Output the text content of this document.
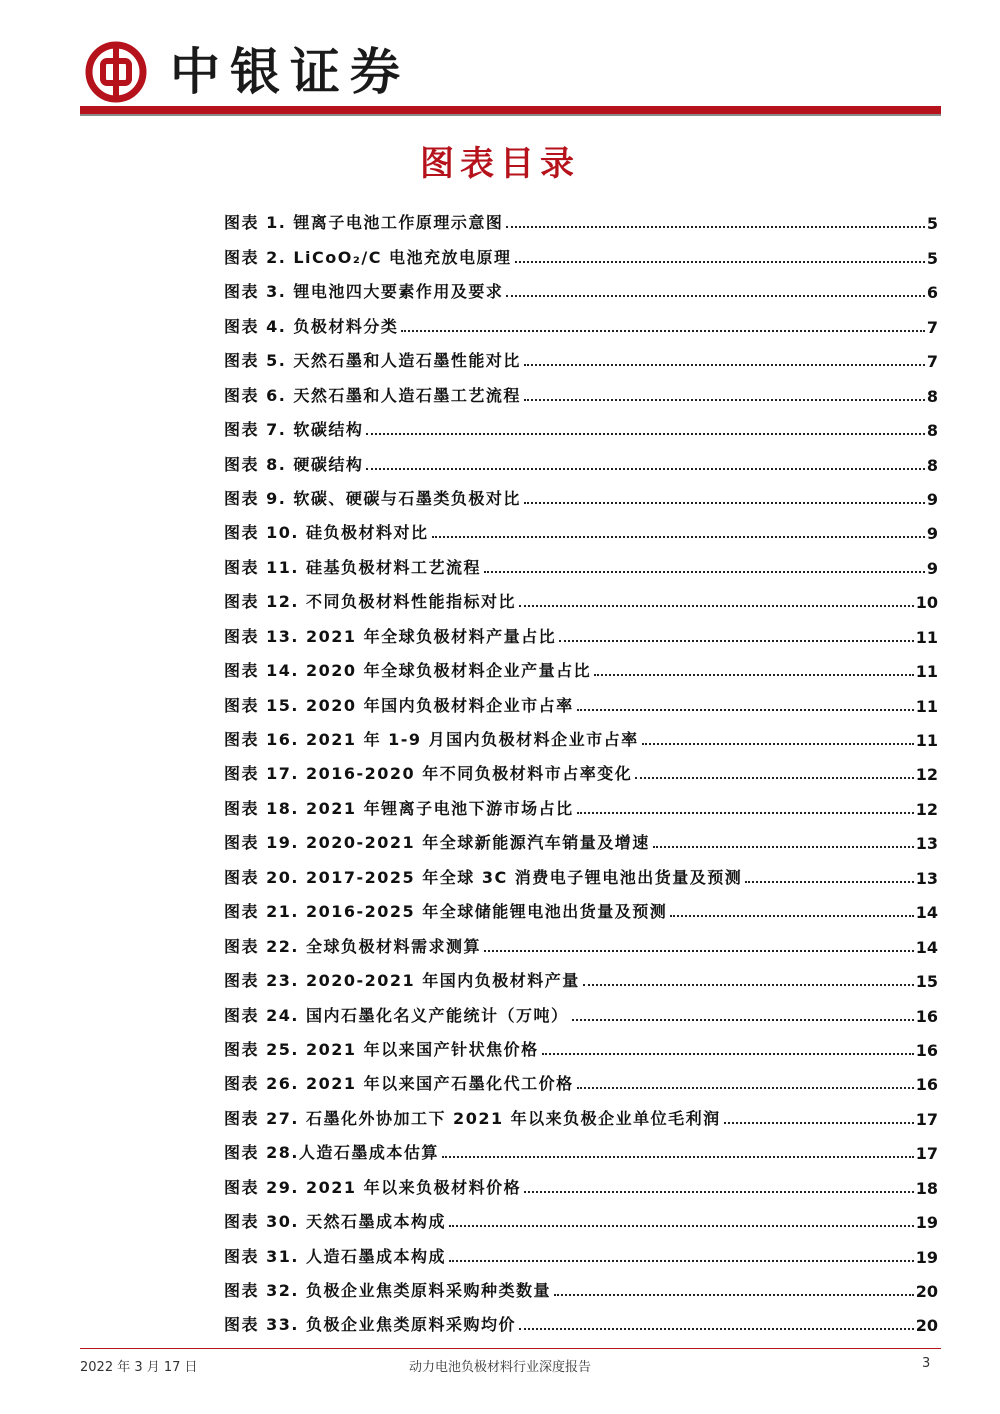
中银证券
图表目录
图表 1. 锂离子电池工作原理示意图	5
图表 2. LiCoO₂/C 电池充放电原理	5
图表 3. 锂电池四大要素作用及要求	6
图表 4. 负极材料分类	7
图表 5. 天然石墨和人造石墨性能对比	7
图表 6. 天然石墨和人造石墨工艺流程	8
图表 7. 软碳结构	8
图表 8. 硬碳结构	8
图表 9. 软碳、硬碳与石墨类负极对比	9
图表 10. 硅负极材料对比	9
图表 11. 硅基负极材料工艺流程	9
图表 12. 不同负极材料性能指标对比	10
图表 13. 2021 年全球负极材料产量占比	11
图表 14. 2020 年全球负极材料企业产量占比	11
图表 15. 2020 年国内负极材料企业市占率	11
图表 16. 2021 年 1-9 月国内负极材料企业市占率	11
图表 17. 2016-2020 年不同负极材料市占率变化	12
图表 18. 2021 年锂离子电池下游市场占比	12
图表 19. 2020-2021 年全球新能源汽车销量及增速	13
图表 20. 2017-2025 年全球 3C 消费电子锂电池出货量及预测	13
图表 21. 2016-2025 年全球储能锂电池出货量及预测	14
图表 22. 全球负极材料需求测算	14
图表 23. 2020-2021 年国内负极材料产量	15
图表 24. 国内石墨化名义产能统计（万吨）	16
图表 25. 2021 年以来国产针状焦价格	16
图表 26. 2021 年以来国产石墨化代工价格	16
图表 27. 石墨化外协加工下 2021 年以来负极企业单位毛利润	17
图表 28.人造石墨成本估算	17
图表 29. 2021 年以来负极材料价格	18
图表 30. 天然石墨成本构成	19
图表 31. 人造石墨成本构成	19
图表 32. 负极企业焦类原料采购种类数量	20
图表 33. 负极企业焦类原料采购均价	20
2022 年 3 月 17 日	动力电池负极材料行业深度报告	3
